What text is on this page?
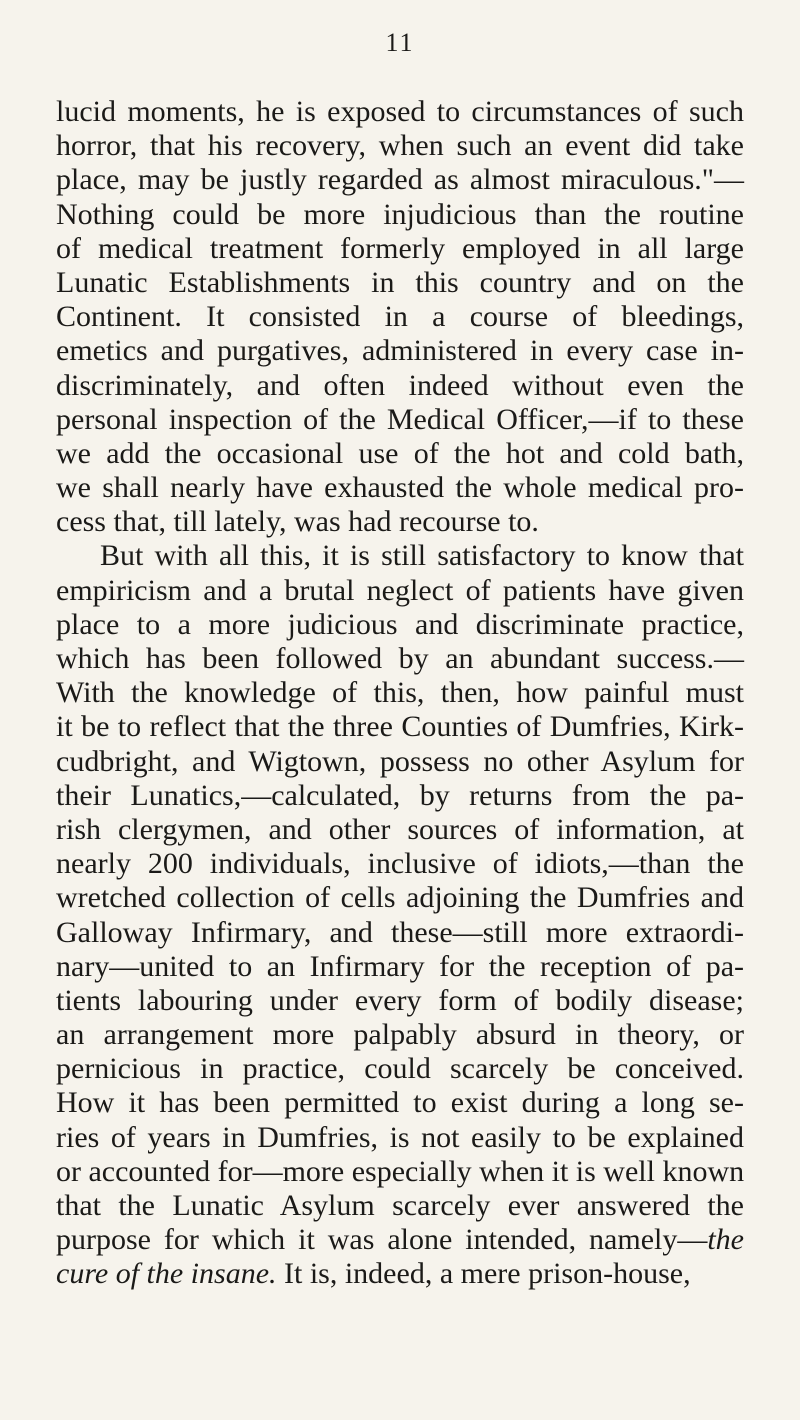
11
lucid moments, he is exposed to circumstances of such
horror, that his recovery, when such an event did take
place, may be justly regarded as almost miraculous."—
Nothing could be more injudicious than the routine
of medical treatment formerly employed in all large
Lunatic Establishments in this country and on the
Continent. It consisted in a course of bleedings,
emetics and purgatives, administered in every case in-
discriminately, and often indeed without even the
personal inspection of the Medical Officer,—if to these
we add the occasional use of the hot and cold bath,
we shall nearly have exhausted the whole medical pro-
cess that, till lately, was had recourse to.
But with all this, it is still satisfactory to know that
empiricism and a brutal neglect of patients have given
place to a more judicious and discriminate practice,
which has been followed by an abundant success.—
With the knowledge of this, then, how painful must
it be to reflect that the three Counties of Dumfries, Kirk-
cudbright, and Wigtown, possess no other Asylum for
their Lunatics,—calculated, by returns from the pa-
rish clergymen, and other sources of information, at
nearly 200 individuals, inclusive of idiots,—than the
wretched collection of cells adjoining the Dumfries and
Galloway Infirmary, and these—still more extraordi-
nary—united to an Infirmary for the reception of pa-
tients labouring under every form of bodily disease;
an arrangement more palpably absurd in theory, or
pernicious in practice, could scarcely be conceived.
How it has been permitted to exist during a long se-
ries of years in Dumfries, is not easily to be explained
or accounted for—more especially when it is well known
that the Lunatic Asylum scarcely ever answered the
purpose for which it was alone intended, namely—the
cure of the insane. It is, indeed, a mere prison-house,
